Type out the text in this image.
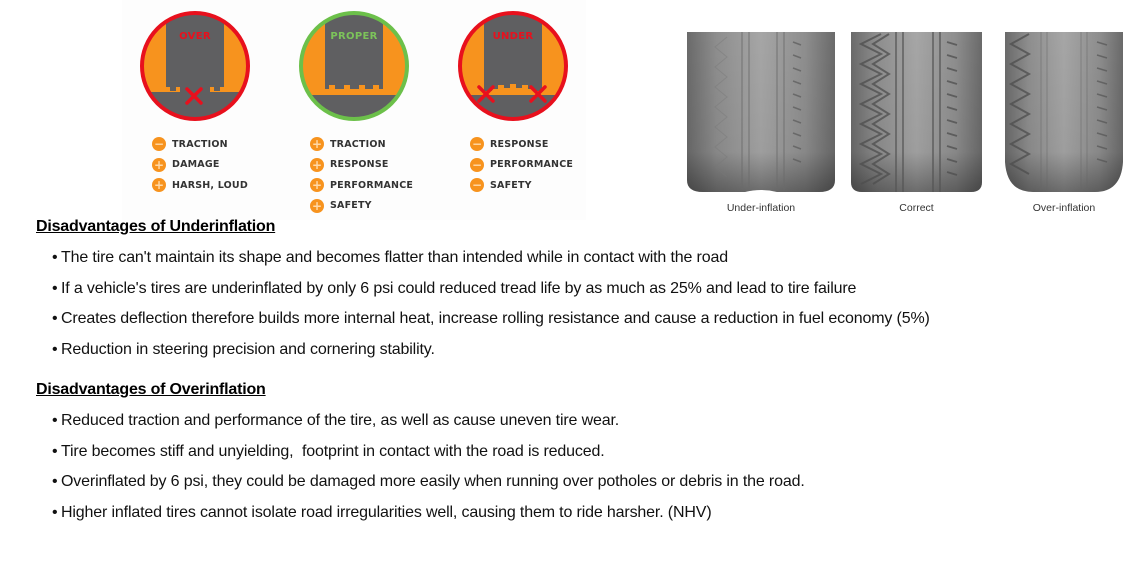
OVER
− TRACTION
+ DAMAGE
+ HARSH, LOUD
PROPER
+ TRACTION
+ RESPONSE
+ PERFORMANCE
+ SAFETY
UNDER
− RESPONSE
− PERFORMANCE
− SAFETY
Under-inflation	Correct	Over-inflation
Disadvantages of Underinflation
• The tire can't maintain its shape and becomes flatter than intended while in contact with the road
• If a vehicle's tires are underinflated by only 6 psi could reduced tread life by as much as 25% and lead to tire failure
• Creates deflection therefore builds more internal heat, increase rolling resistance and cause a reduction in fuel economy (5%)
• Reduction in steering precision and cornering stability.
Disadvantages of Overinflation
• Reduced traction and performance of the tire, as well as cause uneven tire wear.
• Tire becomes stiff and unyielding,  footprint in contact with the road is reduced.
• Overinflated by 6 psi, they could be damaged more easily when running over potholes or debris in the road.
• Higher inflated tires cannot isolate road irregularities well, causing them to ride harsher. (NHV)
